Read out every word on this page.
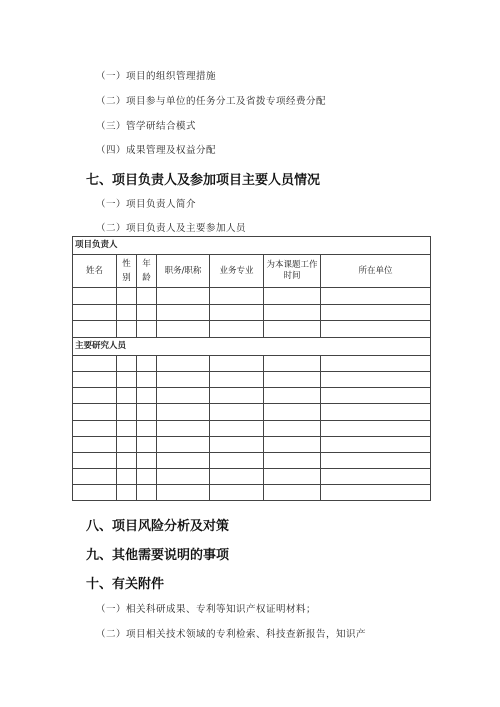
（一）项目的组织管理措施
（二）项目参与单位的任务分工及省拨专项经费分配
（三）管学研结合模式
（四）成果管理及权益分配
七、项目负责人及参加项目主要人员情况
（一）项目负责人简介
（二）项目负责人及主要参加人员
项目负责人						
姓名	性别	年龄	职务/职称	业务专业	为本课题工作时间	所在单位

主要研究人员						

八、项目风险分析及对策
九、其他需要说明的事项
十、有关附件
（一）相关科研成果、专利等知识产权证明材料；
（二）项目相关技术领域的专利检索、科技查新报告，知识产
